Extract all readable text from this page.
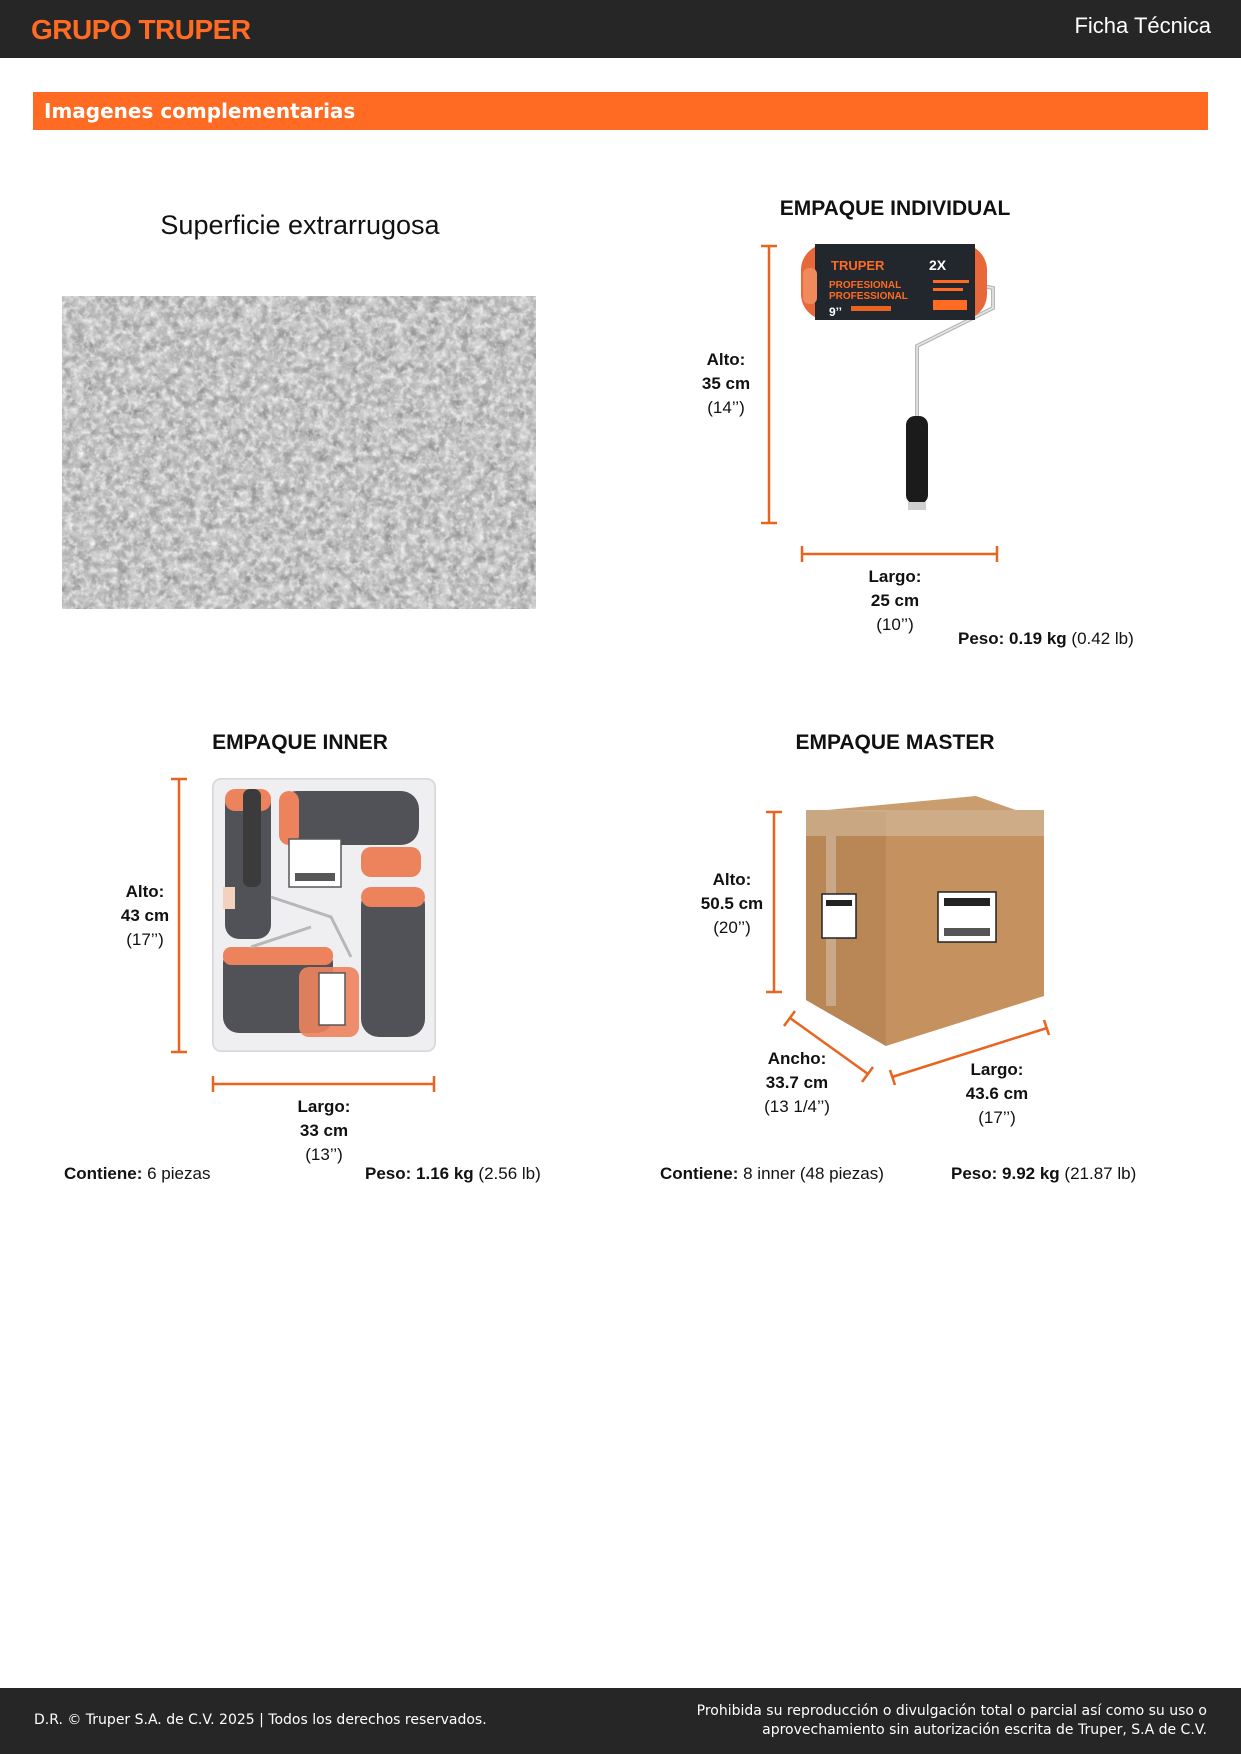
GRUPO TRUPER	Ficha Técnica
Imagenes complementarias
Superficie extrarrugosa
EMPAQUE INDIVIDUAL
TRUPER
PROFESIONAL
PROFESSIONAL
9’’
2X
Alto:
35 cm
(14’’)
Largo:
25 cm
(10’’)
Peso: 0.19 kg (0.42 lb)
EMPAQUE INNER
Alto:
43 cm
(17’’)
Largo:
33 cm
(13’’)
Contiene: 6 piezas	Peso: 1.16 kg (2.56 lb)
EMPAQUE MASTER
Alto:
50.5 cm
(20’’)
Ancho:
33.7 cm
(13 1/4’’)
Largo:
43.6 cm
(17’’)
Contiene: 8 inner (48 piezas)	Peso: 9.92 kg (21.87 lb)
D.R. © Truper S.A. de C.V. 2025 | Todos los derechos reservados.
Prohibida su reproducción o divulgación total o parcial así como su uso o
aprovechamiento sin autorización escrita de Truper, S.A de C.V.
